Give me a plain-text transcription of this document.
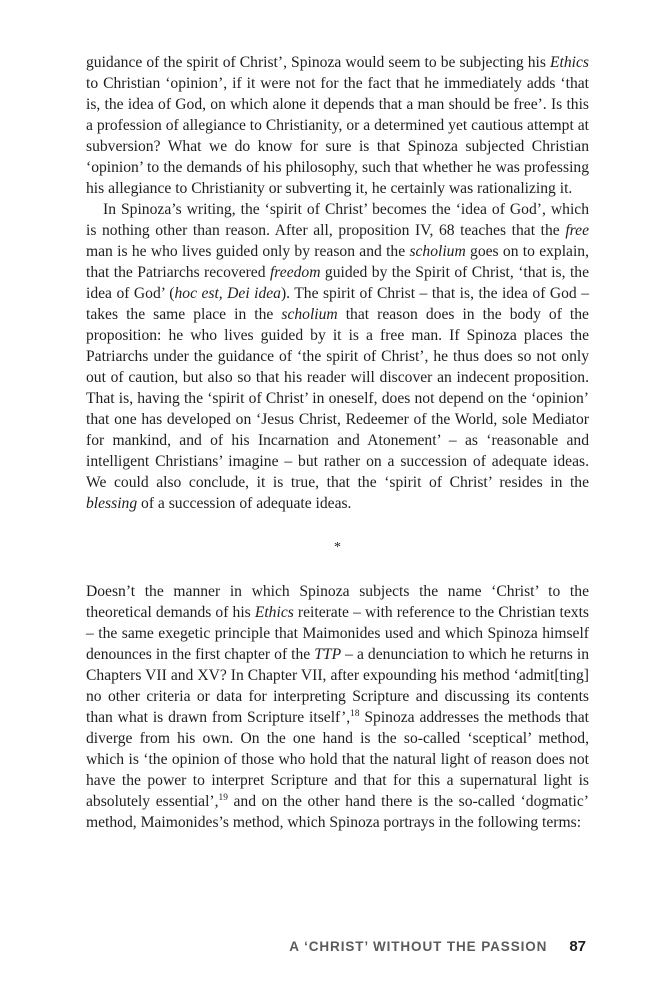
guidance of the spirit of Christ’, Spinoza would seem to be subjecting his Ethics to Christian ‘opinion’, if it were not for the fact that he immediately adds ‘that is, the idea of God, on which alone it depends that a man should be free’. Is this a profession of allegiance to Christianity, or a determined yet cautious attempt at subversion? What we do know for sure is that Spinoza subjected Christian ‘opinion’ to the demands of his philosophy, such that whether he was professing his allegiance to Christianity or subverting it, he certainly was rationalizing it.

In Spinoza’s writing, the ‘spirit of Christ’ becomes the ‘idea of God’, which is nothing other than reason. After all, proposition IV, 68 teaches that the free man is he who lives guided only by reason and the scholium goes on to explain, that the Patriarchs recovered freedom guided by the Spirit of Christ, ‘that is, the idea of God’ (hoc est, Dei idea). The spirit of Christ – that is, the idea of God – takes the same place in the scholium that reason does in the body of the proposition: he who lives guided by it is a free man. If Spinoza places the Patriarchs under the guidance of ‘the spirit of Christ’, he thus does so not only out of caution, but also so that his reader will discover an indecent proposition. That is, having the ‘spirit of Christ’ in oneself, does not depend on the ‘opinion’ that one has developed on ‘Jesus Christ, Redeemer of the World, sole Mediator for mankind, and of his Incarnation and Atonement’ – as ‘reasonable and intelligent Christians’ imagine – but rather on a succession of adequate ideas. We could also conclude, it is true, that the ‘spirit of Christ’ resides in the blessing of a succession of adequate ideas.

*

Doesn’t the manner in which Spinoza subjects the name ‘Christ’ to the theoretical demands of his Ethics reiterate – with reference to the Christian texts – the same exegetic principle that Maimonides used and which Spinoza himself denounces in the first chapter of the TTP – a denunciation to which he returns in Chapters VII and XV? In Chapter VII, after expounding his method ‘admit[ting] no other criteria or data for interpreting Scripture and discussing its contents than what is drawn from Scripture itself’,$^{18}$ Spinoza addresses the methods that diverge from his own. On the one hand is the so-called ‘sceptical’ method, which is ‘the opinion of those who hold that the natural light of reason does not have the power to interpret Scripture and that for this a supernatural light is absolutely essential’,$^{19}$ and on the other hand there is the so-called ‘dogmatic’ method, Maimonides’s method, which Spinoza portrays in the following terms:

A ‘CHRIST’ WITHOUT THE PASSION 87
